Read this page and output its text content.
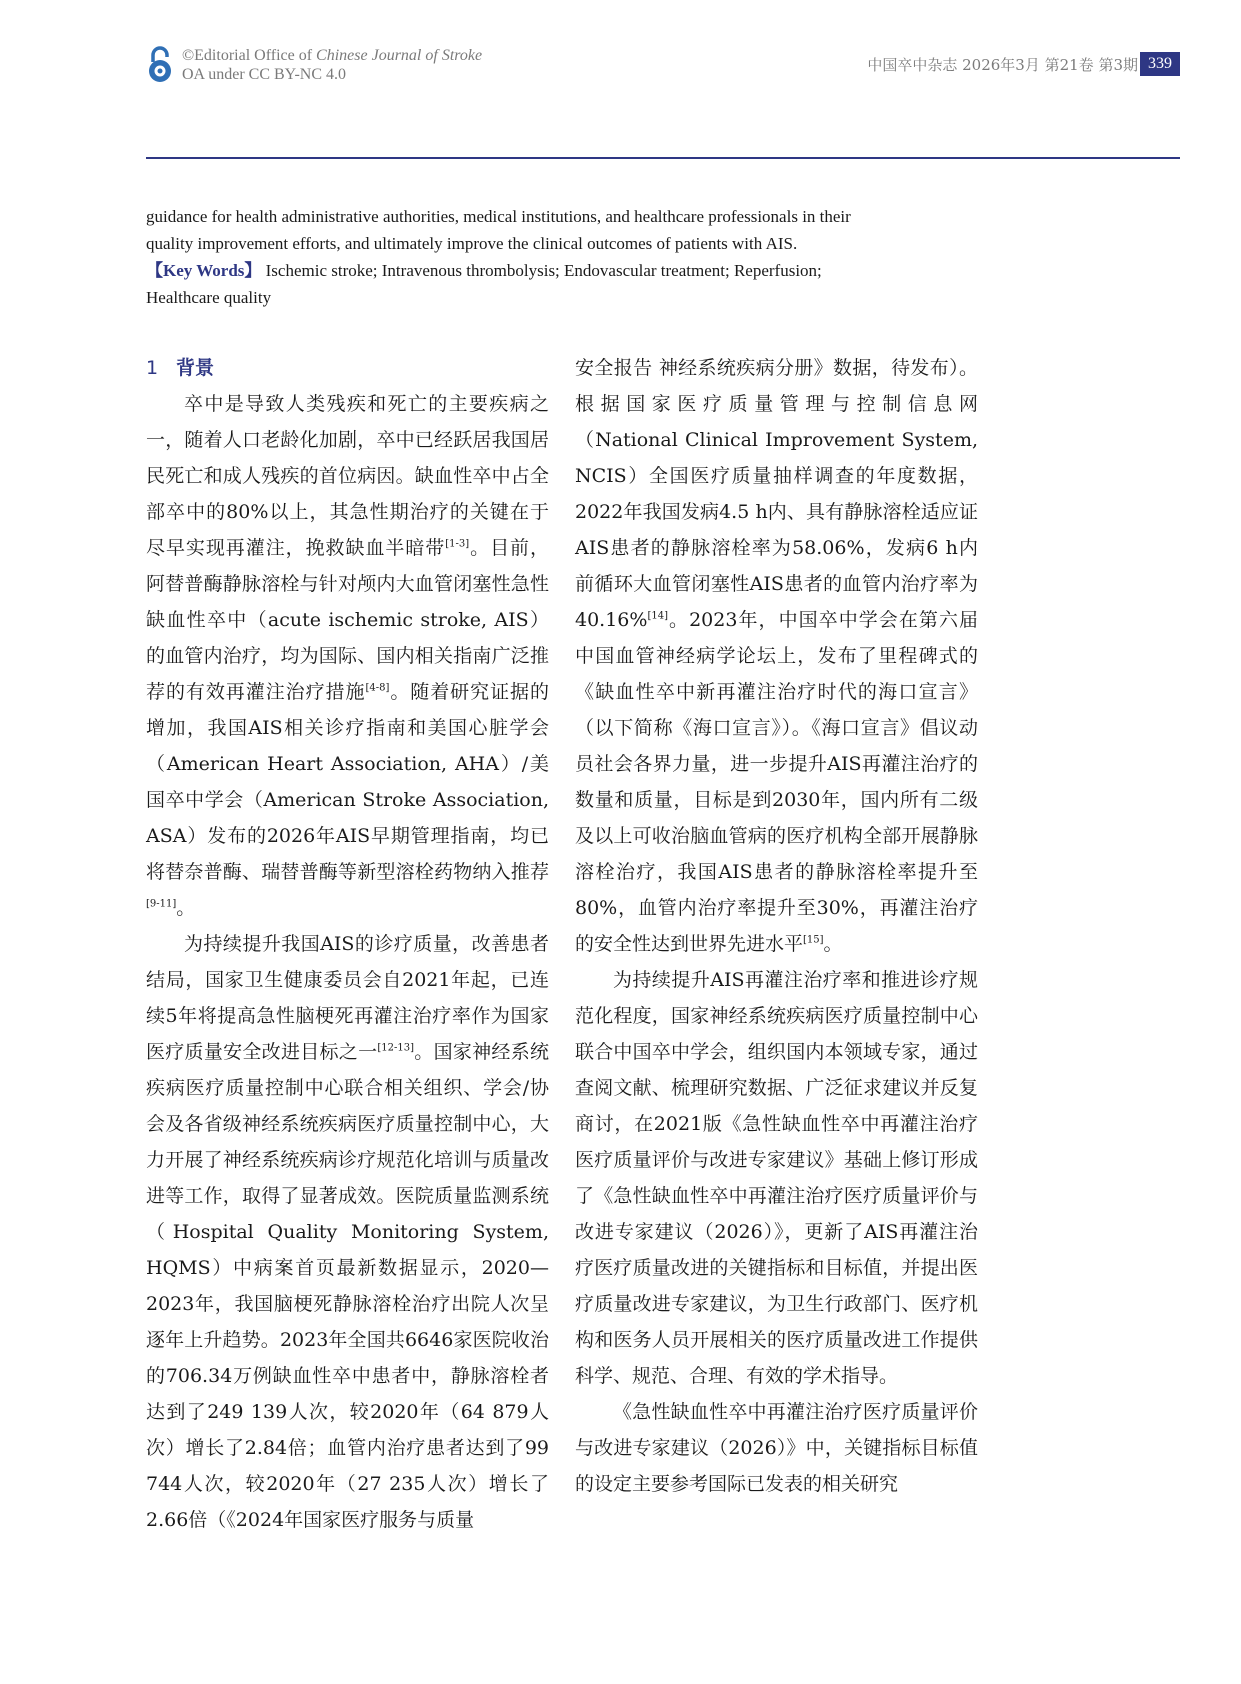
©Editorial Office of Chinese Journal of Stroke
OA under CC BY-NC 4.0
中国卒中杂志 2026年3月 第21卷 第3期 339
guidance for health administrative authorities, medical institutions, and healthcare professionals in their quality improvement efforts, and ultimately improve the clinical outcomes of patients with AIS.
【Key Words】 Ischemic stroke; Intravenous thrombolysis; Endovascular treatment; Reperfusion; Healthcare quality
1 背景

卒中是导致人类残疾和死亡的主要疾病之一，随着人口老龄化加剧，卒中已经跃居我国居民死亡和成人残疾的首位病因。缺血性卒中占全部卒中的80%以上，其急性期治疗的关键在于尽早实现再灌注，挽救缺血半暗带[1-3]。目前，阿替普酶静脉溶栓与针对颅内大血管闭塞性急性缺血性卒中（acute ischemic stroke, AIS）的血管内治疗，均为国际、国内相关指南广泛推荐的有效再灌注治疗措施[4-8]。随着研究证据的增加，我国AIS相关诊疗指南和美国心脏学会（American Heart Association, AHA）/美国卒中学会（American Stroke Association, ASA）发布的2026年AIS早期管理指南，均已将替奈普酶、瑞替普酶等新型溶栓药物纳入推荐[9-11]。

为持续提升我国AIS的诊疗质量，改善患者结局，国家卫生健康委员会自2021年起，已连续5年将提高急性脑梗死再灌注治疗率作为国家医疗质量安全改进目标之一[12-13]。国家神经系统疾病医疗质量控制中心联合相关组织、学会/协会及各省级神经系统疾病医疗质量控制中心，大力开展了神经系统疾病诊疗规范化培训与质量改进等工作，取得了显著成效。医院质量监测系统（Hospital Quality Monitoring System, HQMS）中病案首页最新数据显示，2020—2023年，我国脑梗死静脉溶栓治疗出院人次呈逐年上升趋势。2023年全国共6646家医院收治的706.34万例缺血性卒中患者中，静脉溶栓者达到了249 139人次，较2020年（64 879人次）增长了2.84倍；血管内治疗患者达到了99 744人次，较2020年（27 235人次）增长了2.66倍（《2024年国家医疗服务与质量

安全报告 神经系统疾病分册》数据，待发布）。根据国家医疗质量管理与控制信息网（National Clinical Improvement System, NCIS）全国医疗质量抽样调查的年度数据，2022年我国发病4.5 h内、具有静脉溶栓适应证AIS患者的静脉溶栓率为58.06%，发病6 h内前循环大血管闭塞性AIS患者的血管内治疗率为40.16%[14]。2023年，中国卒中学会在第六届中国血管神经病学论坛上，发布了里程碑式的《缺血性卒中新再灌注治疗时代的海口宣言》（以下简称《海口宣言》）。《海口宣言》倡议动员社会各界力量，进一步提升AIS再灌注治疗的数量和质量，目标是到2030年，国内所有二级及以上可收治脑血管病的医疗机构全部开展静脉溶栓治疗，我国AIS患者的静脉溶栓率提升至80%，血管内治疗率提升至30%，再灌注治疗的安全性达到世界先进水平[15]。

为持续提升AIS再灌注治疗率和推进诊疗规范化程度，国家神经系统疾病医疗质量控制中心联合中国卒中学会，组织国内本领域专家，通过查阅文献、梳理研究数据、广泛征求建议并反复商讨，在2021版《急性缺血性卒中再灌注治疗医疗质量评价与改进专家建议》基础上修订形成了《急性缺血性卒中再灌注治疗医疗质量评价与改进专家建议（2026）》，更新了AIS再灌注治疗医疗质量改进的关键指标和目标值，并提出医疗质量改进专家建议，为卫生行政部门、医疗机构和医务人员开展相关的医疗质量改进工作提供科学、规范、合理、有效的学术指导。

《急性缺血性卒中再灌注治疗医疗质量评价与改进专家建议（2026）》中，关键指标目标值的设定主要参考国际已发表的相关研究
